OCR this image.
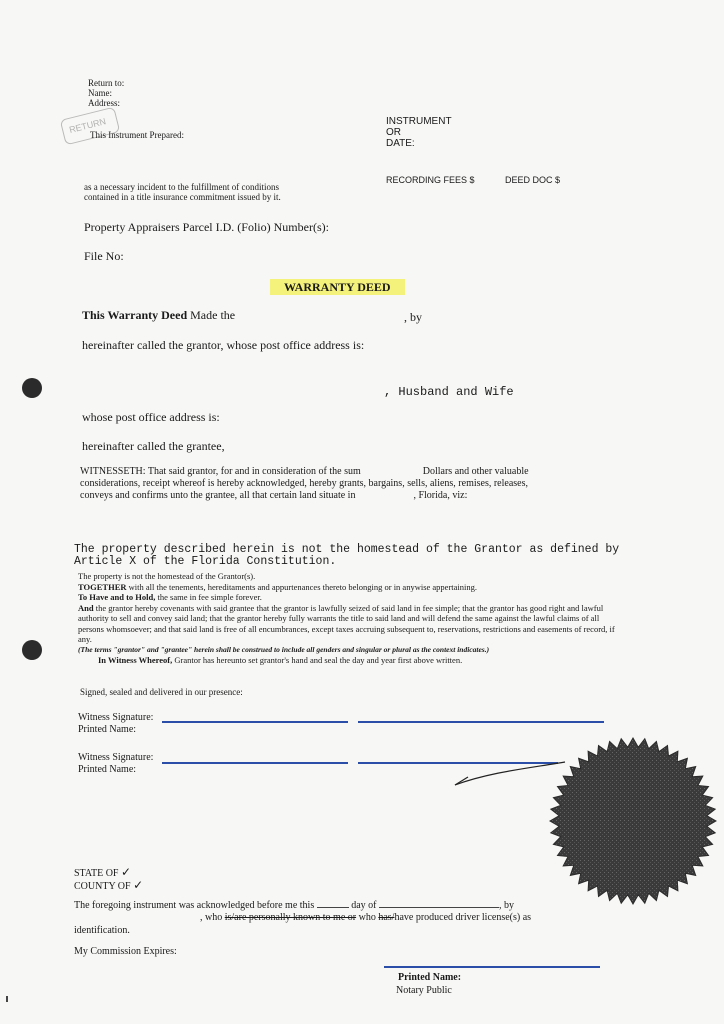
Return to:
Name:
Address:
RETURN
This Instrument Prepared:
INSTRUMENT
OR
DATE:
RECORDING FEES $	DEED DOC $
as a necessary incident to the fulfillment of conditions
contained in a title insurance commitment issued by it.
Property Appraisers Parcel I.D. (Folio) Number(s):
File No:
WARRANTY DEED
This Warranty Deed Made the	, by
hereinafter called the grantor, whose post office address is:
, Husband and Wife
whose post office address is:
hereinafter called the grantee,
WITNESSETH: That said grantor, for and in consideration of the sum	Dollars and other valuable
considerations, receipt whereof is hereby acknowledged, hereby grants, bargains, sells, aliens, remises, releases,
conveys and confirms unto the grantee, all that certain land situate in	, Florida, viz:
The property described herein is not the homestead of the Grantor as defined by
Article X of the Florida Constitution.

The property is not the homestead of the Grantor(s).

TOGETHER with all the tenements, hereditaments and appurtenances thereto belonging or in anywise appertaining.

To Have and to Hold, the same in fee simple forever.

And the grantor hereby covenants with said grantee that the grantor is lawfully seized of said land in fee simple; that the grantor has good right and lawful authority to sell and convey said land; that the grantor hereby fully warrants the title to said land and will defend the same against the lawful claims of all persons whomsoever; and that said land is free of all encumbrances, except taxes accruing subsequent to, reservations, restrictions and easements of record, if any.

(The terms "grantor" and "grantee" herein shall be construed to include all genders and singular or plural as the context indicates.)

In Witness Whereof, Grantor has hereunto set grantor's hand and seal the day and year first above written.

Signed, sealed and delivered in our presence:
Witness Signature:
Printed Name:
Witness Signature:
Printed Name:
STATE OF ✓
COUNTY OF ✓
The foregoing instrument was acknowledged before me this	day of	, by
, who is/are personally known to me or who has/have produced driver license(s) as
identification.
My Commission Expires:
Printed Name:
Notary Public
